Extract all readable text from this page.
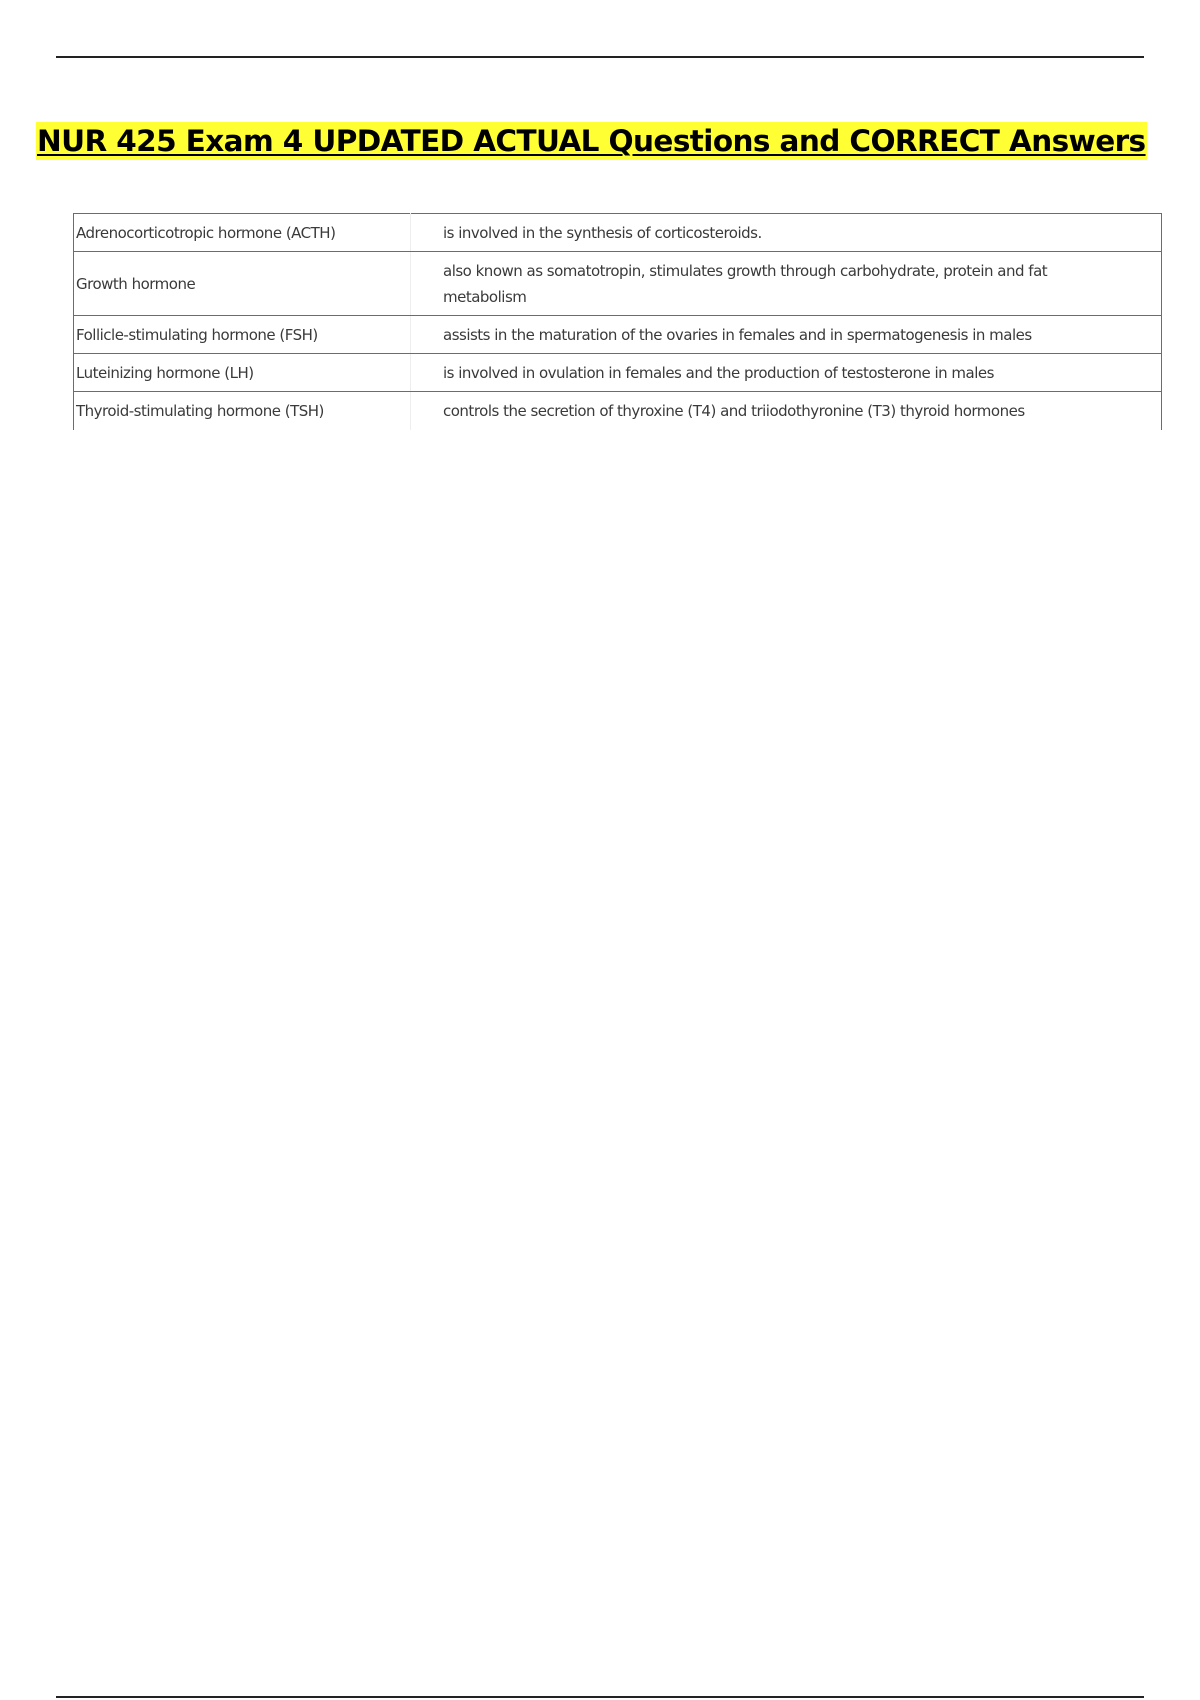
NUR 425 Exam 4 UPDATED ACTUAL Questions and CORRECT Answers
Adrenocorticotropic hormone (ACTH)	is involved in the synthesis of corticosteroids.
Growth hormone	also known as somatotropin, stimulates growth through carbohydrate, protein and fat metabolism
Follicle-stimulating hormone (FSH)	assists in the maturation of the ovaries in females and in spermatogenesis in males
Luteinizing hormone (LH)	is involved in ovulation in females and the production of testosterone in males
Thyroid-stimulating hormone (TSH)	controls the secretion of thyroxine (T4) and triiodothyronine (T3) thyroid hormones
